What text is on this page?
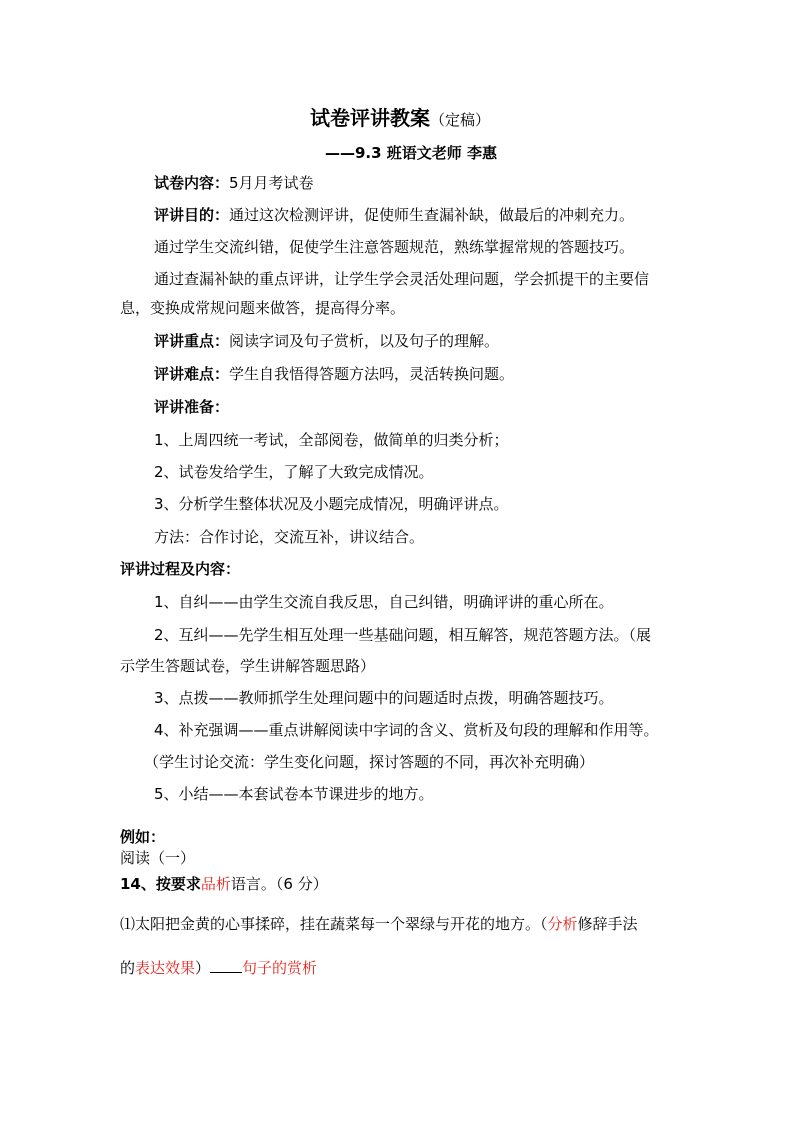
试卷评讲教案（定稿）
——9.3 班语文老师 李惠
试卷内容：5月月考试卷
评讲目的：通过这次检测评讲，促使师生查漏补缺，做最后的冲刺充力。
通过学生交流纠错，促使学生注意答题规范，熟练掌握常规的答题技巧。
通过查漏补缺的重点评讲，让学生学会灵活处理问题，学会抓提干的主要信
息，变换成常规问题来做答，提高得分率。
评讲重点：阅读字词及句子赏析，以及句子的理解。
评讲难点：学生自我悟得答题方法吗，灵活转换问题。
评讲准备：
1、上周四统一考试，全部阅卷，做简单的归类分析；
2、试卷发给学生，了解了大致完成情况。
3、分析学生整体状况及小题完成情况，明确评讲点。
方法：合作讨论，交流互补，讲议结合。
评讲过程及内容：
1、自纠——由学生交流自我反思，自己纠错，明确评讲的重心所在。
2、互纠——先学生相互处理一些基础问题，相互解答，规范答题方法。（展
示学生答题试卷，学生讲解答题思路）
3、点拨——教师抓学生处理问题中的问题适时点拨，明确答题技巧。
4、补充强调——重点讲解阅读中字词的含义、赏析及句段的理解和作用等。
（学生讨论交流：学生变化问题，探讨答题的不同，再次补充明确）
5、小结——本套试卷本节课进步的地方。
例如：
阅读（一）
14、按要求品析语言。（6 分）
⑴太阳把金黄的心事揉碎，挂在蔬菜每一个翠绿与开花的地方。（分析修辞手法
的表达效果） 句子的赏析
